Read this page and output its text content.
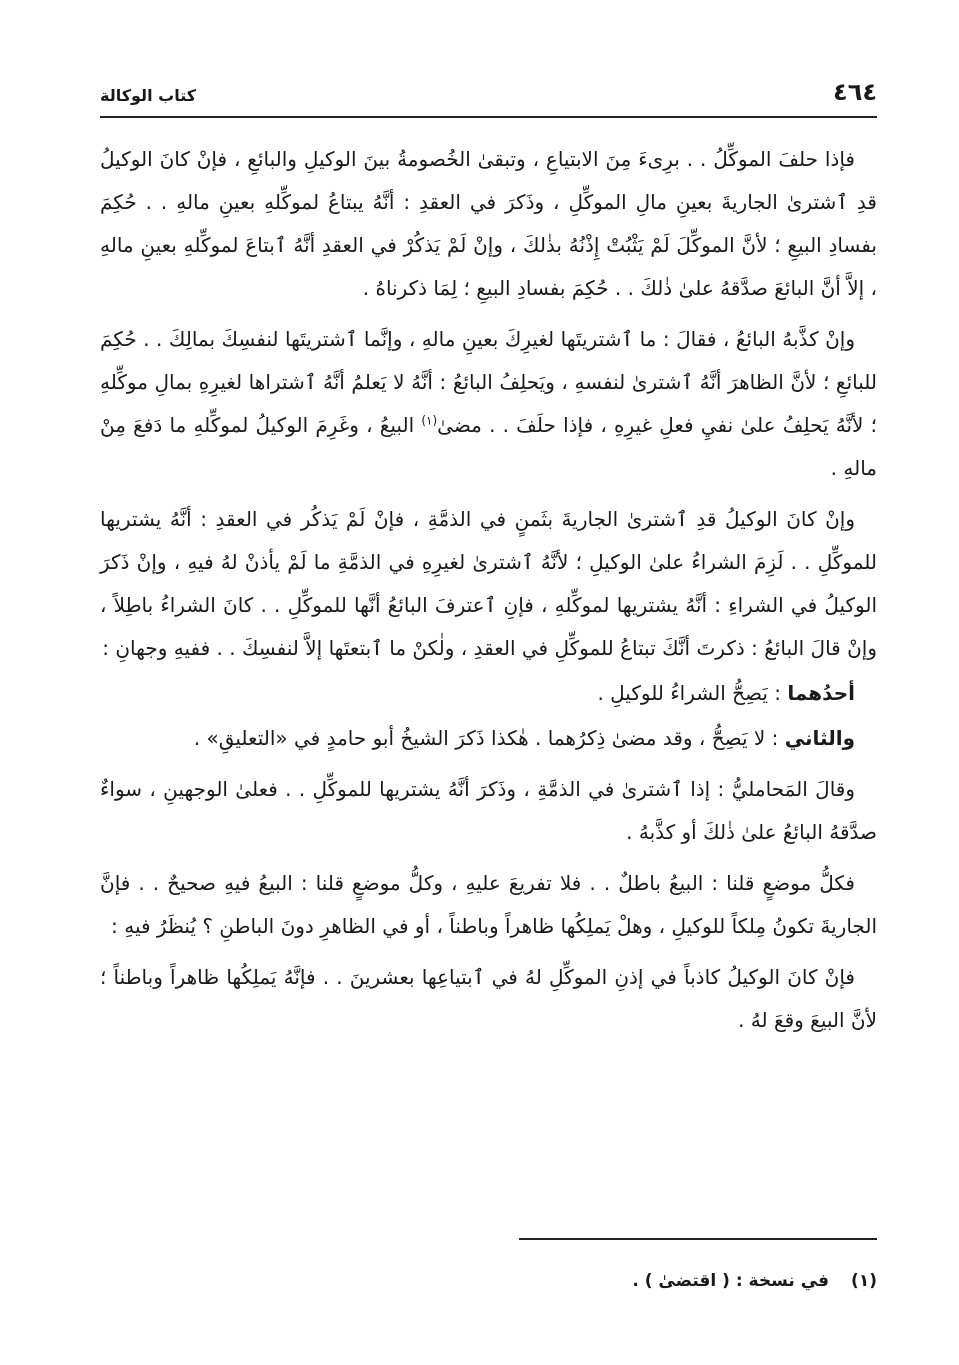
٤٦٤
كتاب الوكالة

فإذا حلفَ الموكِّلُ . . برِىءَ مِنَ الابتياعِ ، وتبقىٰ الخُصومةُ بينَ الوكيلِ والبائعِ ، فإنْ كانَ الوكيلُ قدِ ٱشترىٰ الجاريةَ بعينِ مالِ الموكِّلِ ، وذَكرَ في العقدِ : أنَّهُ يبتاعُ لموكِّلهِ بعينِ مالهِ . . حُكِمَ بفسادِ البيعِ ؛ لأنَّ الموكِّلَ لَمْ يَثْبُتْ إِذْنُهُ بذٰلكَ ، وإنْ لَمْ يَذكُرْ في العقدِ أنَّهُ ٱبتاعَ لموكِّلهِ بعينِ مالهِ ، إلاَّ أنَّ البائعَ صدَّقهُ علىٰ ذٰلكَ . . حُكِمَ بفسادِ البيعِ ؛ لِمَا ذكرناهُ .

وإنْ كذَّبهُ البائعُ ، فقالَ : ما ٱشتريتَها لغيرِكَ بعينِ مالهِ ، وإنَّما ٱشتريتَها لنفسِكَ بمالِكَ . . حُكِمَ للبائعِ ؛ لأنَّ الظاهرَ أنَّهُ ٱشترىٰ لنفسهِ ، ويَحلِفُ البائعُ : أنَّهُ لا يَعلمُ أنَّهُ ٱشتراها لغيرِهِ بمالِ موكِّلهِ ؛ لأنَّهُ يَحلِفُ علىٰ نفيِ فعلِ غيرِهِ ، فإذا حلَفَ . . مضىٰ$^{(١)}$ البيعُ ، وغَرِمَ الوكيلُ لموكِّلهِ ما دَفعَ مِنْ مالهِ .

وإنْ كانَ الوكيلُ قدِ ٱشترىٰ الجاريةَ بثَمنٍ في الذمَّةِ ، فإنْ لَمْ يَذكُر في العقدِ : أنَّهُ يشتريها للموكِّلِ . . لَزِمَ الشراءُ علىٰ الوكيلِ ؛ لأنَّهُ ٱشترىٰ لغيرِهِ في الذمَّةِ ما لَمْ يأذنْ لهُ فيهِ ، وإنْ ذَكرَ الوكيلُ في الشراءِ : أنَّهُ يشتريها لموكِّلهِ ، فإنِ ٱعترفَ البائعُ أنَّها للموكِّلِ . . كانَ الشراءُ باطِلاً ، وإنْ قالَ البائعُ : ذكرتَ أنَّكَ تبتاعُ للموكِّلِ في العقدِ ، ولٰكنْ ما ٱبتعتَها إلاَّ لنفسِكَ . . ففيهِ وجهانِ :

أحدُهما : يَصِحُّ الشراءُ للوكيلِ .

والثاني : لا يَصِحُّ ، وقد مضىٰ ذِكرُهما . هٰكذا ذَكرَ الشيخُ أبو حامدٍ في «التعليقِ» .

وقالَ المَحامليُّ : إذا ٱشترىٰ في الذمَّةِ ، وذَكرَ أنَّهُ يشتريها للموكِّلِ . . فعلىٰ الوجهينِ ، سواءٌ صدَّقهُ البائعُ علىٰ ذٰلكَ أو كذَّبهُ .

فكلُّ موضعٍ قلنا : البيعُ باطلٌ . . فلا تفريعَ عليهِ ، وكلُّ موضعٍ قلنا : البيعُ فيهِ صحيحٌ . . فإنَّ الجاريةَ تكونُ مِلكاً للوكيلِ ، وهلْ يَملِكُها ظاهراً وباطناً ، أو في الظاهرِ دونَ الباطنِ ؟ يُنظَرُ فيهِ :

فإنْ كانَ الوكيلُ كاذباً في إذنِ الموكِّلِ لهُ في ٱبتياعِها بعشرينَ . . فإنَّهُ يَملِكُها ظاهراً وباطناً ؛ لأنَّ البيعَ وقعَ لهُ .

(١)في نسخة : ( اقتضىٰ ) .
